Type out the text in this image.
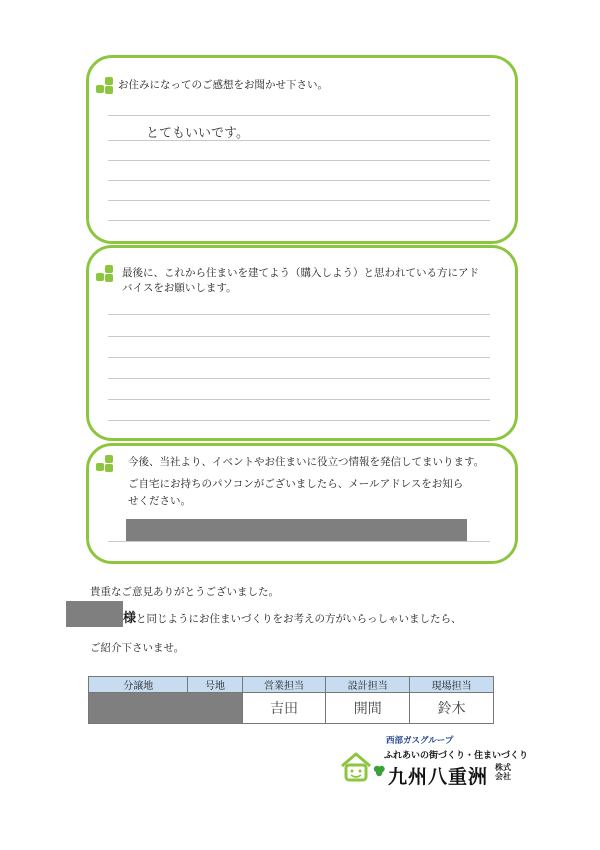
お住みになってのご感想をお聞かせ下さい。
とてもいいです。
最後に、これから住まいを建てよう（購入しよう）と思われている方にアド
バイスをお願いします。
今後、当社より、イベントやお住まいに役立つ情報を発信してまいります。
ご自宅にお持ちのパソコンがございましたら、メールアドレスをお知ら
せください。
貴重なご意見ありがとうございました。
様と同じようにお住まいづくりをお考えの方がいらっしゃいましたら、
ご紹介下さいませ。
分譲地	号地	営業担当	設計担当	現場担当
		吉田	開間	鈴木
西部ガスグループ
ふれあいの街づくり・住まいづくり
九州八重洲 株式会社
